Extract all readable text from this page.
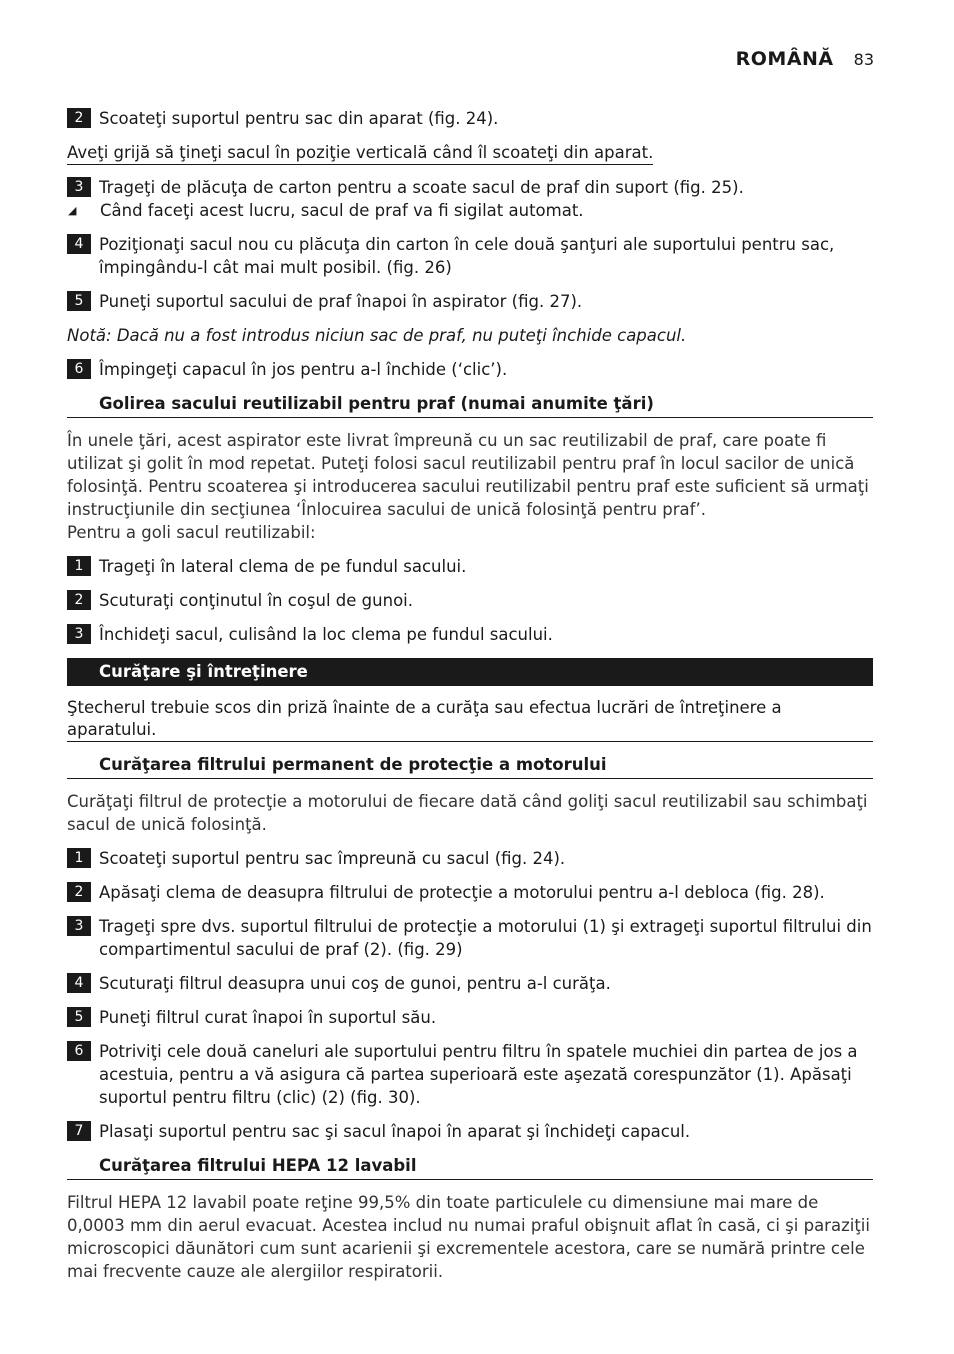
ROMÂNĂ 83
2 Scoateţi suportul pentru sac din aparat (fig. 24).
Aveţi grijă să ţineţi sacul în poziţie verticală când îl scoateţi din aparat.
3 Trageţi de plăcuţa de carton pentru a scoate sacul de praf din suport (fig. 25).
◢	Când faceţi acest lucru, sacul de praf va fi sigilat automat.
4 Poziţionaţi sacul nou cu plăcuţa din carton în cele două şanţuri ale suportului pentru sac, împingându-l cât mai mult posibil. (fig. 26)
5 Puneţi suportul sacului de praf înapoi în aspirator (fig. 27).
Notă: Dacă nu a fost introdus niciun sac de praf, nu puteţi închide capacul.
6 Împingeţi capacul în jos pentru a-l închide (‘clic’).
Golirea sacului reutilizabil pentru praf (numai anumite ţări)
În unele ţări, acest aspirator este livrat împreună cu un sac reutilizabil de praf, care poate fi utilizat şi golit în mod repetat. Puteţi folosi sacul reutilizabil pentru praf în locul sacilor de unică folosinţă. Pentru scoaterea şi introducerea sacului reutilizabil pentru praf este suficient să urmaţi instrucţiunile din secţiunea ‘Înlocuirea sacului de unică folosinţă pentru praf’.
Pentru a goli sacul reutilizabil:
1 Trageţi în lateral clema de pe fundul sacului.
2 Scuturaţi conţinutul în coşul de gunoi.
3 Închideţi sacul, culisând la loc clema pe fundul sacului.
Curăţare şi întreţinere
Ştecherul trebuie scos din priză înainte de a curăţa sau efectua lucrări de întreţinere a aparatului.
Curăţarea filtrului permanent de protecţie a motorului
Curăţaţi filtrul de protecţie a motorului de fiecare dată când goliţi sacul reutilizabil sau schimbaţi sacul de unică folosinţă.
1 Scoateţi suportul pentru sac împreună cu sacul (fig. 24).
2 Apăsaţi clema de deasupra filtrului de protecţie a motorului pentru a-l debloca (fig. 28).
3 Trageţi spre dvs. suportul filtrului de protecţie a motorului (1) şi extrageţi suportul filtrului din compartimentul sacului de praf (2). (fig. 29)
4 Scuturaţi filtrul deasupra unui coş de gunoi, pentru a-l curăţa.
5 Puneţi filtrul curat înapoi în suportul său.
6 Potriviţi cele două caneluri ale suportului pentru filtru în spatele muchiei din partea de jos a acestuia, pentru a vă asigura că partea superioară este aşezată corespunzător (1). Apăsaţi suportul pentru filtru (clic) (2) (fig. 30).
7 Plasaţi suportul pentru sac şi sacul înapoi în aparat şi închideţi capacul.
Curăţarea filtrului HEPA 12 lavabil
Filtrul HEPA 12 lavabil poate reţine 99,5% din toate particulele cu dimensiune mai mare de 0,0003 mm din aerul evacuat. Acestea includ nu numai praful obişnuit aflat în casă, ci şi paraziţii microscopici dăunători cum sunt acarienii şi excrementele acestora, care se numără printre cele mai frecvente cauze ale alergiilor respiratorii.
